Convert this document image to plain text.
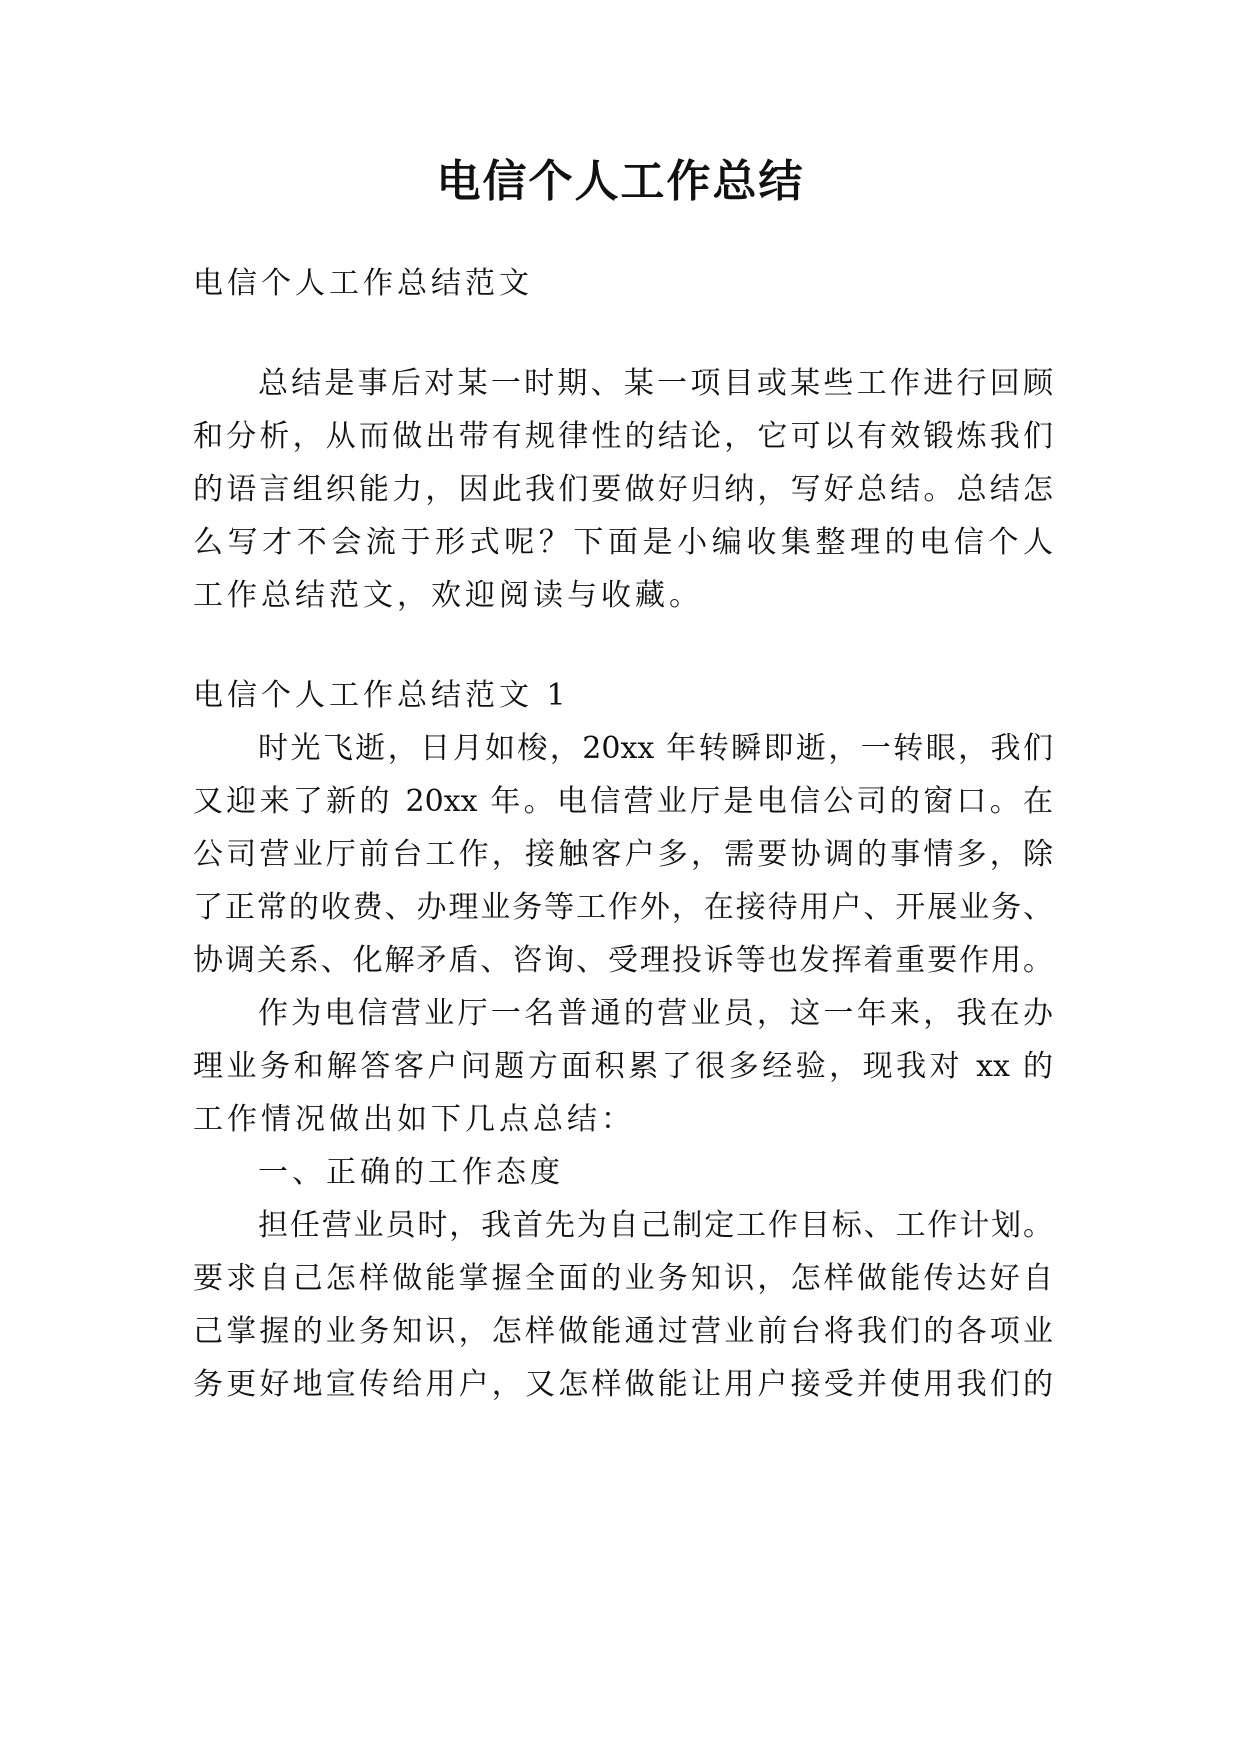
电信个人工作总结
电信个人工作总结范文
总结是事后对某一时期、某一项目或某些工作进行回顾
和分析，从而做出带有规律性的结论，它可以有效锻炼我们
的语言组织能力，因此我们要做好归纳，写好总结。总结怎
么写才不会流于形式呢？下面是小编收集整理的电信个人
工作总结范文，欢迎阅读与收藏。
电信个人工作总结范文 1
时光飞逝，日月如梭，20xx 年转瞬即逝，一转眼，我们
又迎来了新的 20xx 年。电信营业厅是电信公司的窗口。在
公司营业厅前台工作，接触客户多，需要协调的事情多，除
了正常的收费、办理业务等工作外，在接待用户、开展业务、
协调关系、化解矛盾、咨询、受理投诉等也发挥着重要作用。
作为电信营业厅一名普通的营业员，这一年来，我在办
理业务和解答客户问题方面积累了很多经验，现我对 xx 的
工作情况做出如下几点总结：
一、正确的工作态度
担任营业员时，我首先为自己制定工作目标、工作计划。
要求自己怎样做能掌握全面的业务知识，怎样做能传达好自
己掌握的业务知识，怎样做能通过营业前台将我们的各项业
务更好地宣传给用户，又怎样做能让用户接受并使用我们的
